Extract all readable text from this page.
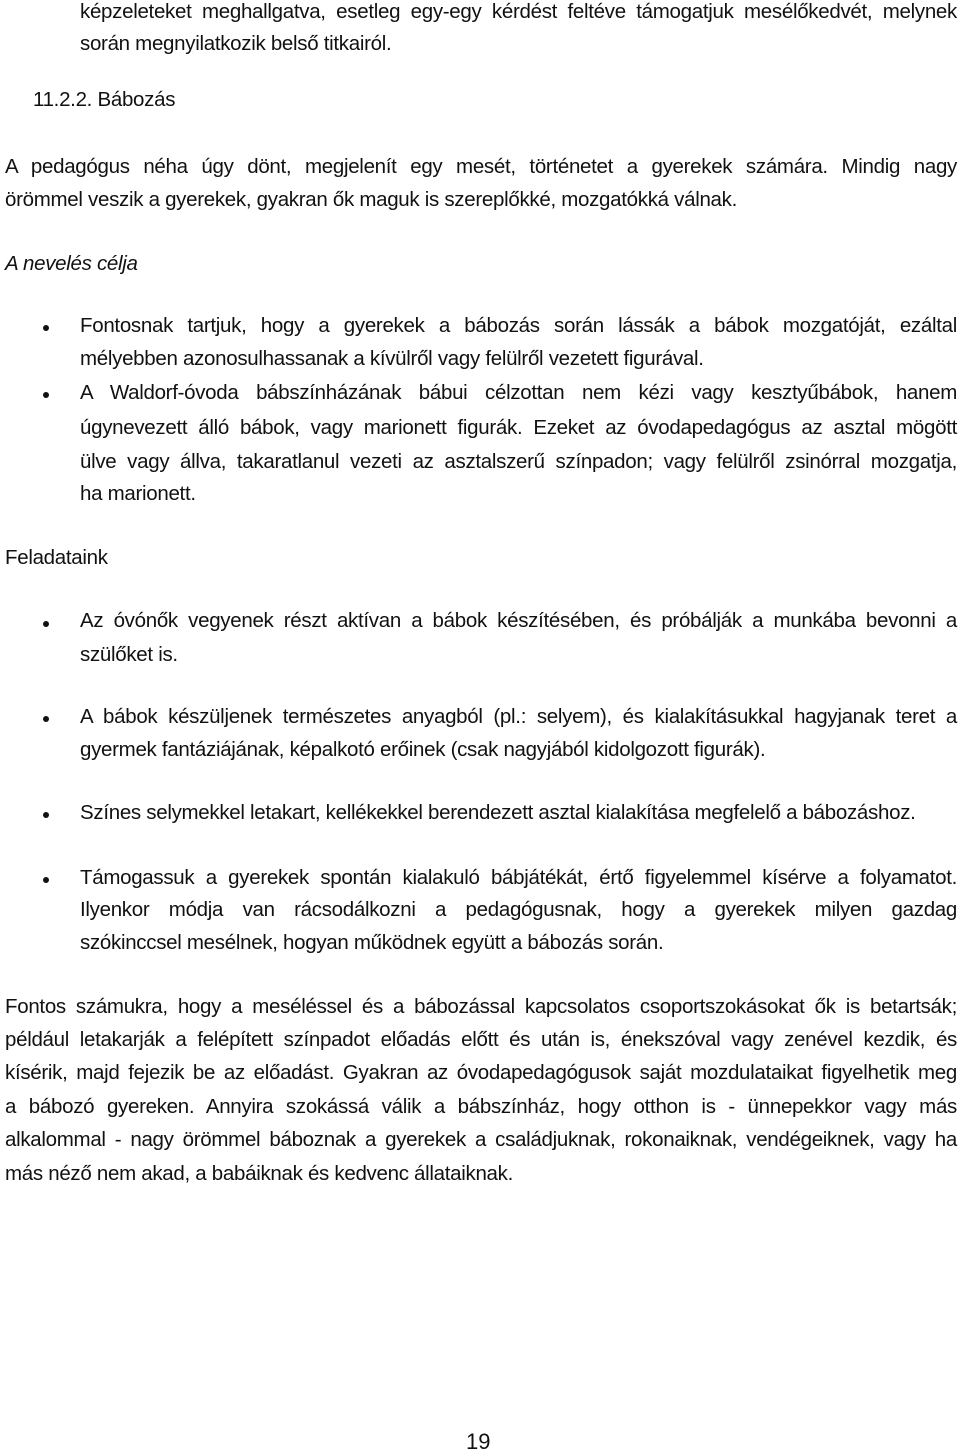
képzeleteket meghallgatva, esetleg egy-egy kérdést feltéve támogatjuk mesélőkedvét, melynek
során megnyilatkozik belső titkairól.
11.2.2. Bábozás
A pedagógus néha úgy dönt, megjelenít egy mesét, történetet a gyerekek számára. Mindig nagy
örömmel veszik a gyerekek, gyakran ők maguk is szereplőkké, mozgatókká válnak.
A nevelés célja
Fontosnak tartjuk, hogy a gyerekek a bábozás során lássák a bábok mozgatóját, ezáltal
mélyebben azonosulhassanak a kívülről vagy felülről vezetett figurával.
A Waldorf-óvoda bábszínházának bábui célzottan nem kézi vagy kesztyűbábok, hanem
úgynevezett álló bábok, vagy marionett figurák. Ezeket az óvodapedagógus az asztal mögött
ülve vagy állva, takaratlanul vezeti az asztalszerű színpadon; vagy felülről zsinórral mozgatja,
ha marionett.
Feladataink
Az óvónők vegyenek részt aktívan a bábok készítésében, és próbálják a munkába bevonni a
szülőket is.
A bábok készüljenek természetes anyagból (pl.: selyem), és kialakításukkal hagyjanak teret a
gyermek fantáziájának, képalkotó erőinek (csak nagyjából kidolgozott figurák).
Színes selymekkel letakart, kellékekkel berendezett asztal kialakítása megfelelő a bábozáshoz.
Támogassuk a gyerekek spontán kialakuló bábjátékát, értő figyelemmel kísérve a folyamatot.
Ilyenkor módja van rácsodálkozni a pedagógusnak, hogy a gyerekek milyen gazdag
szókinccsel mesélnek, hogyan működnek együtt a bábozás során.
Fontos számukra, hogy a meséléssel és a bábozással kapcsolatos csoportszokásokat ők is betartsák;
például letakarják a felépített színpadot előadás előtt és után is, énekszóval vagy zenével kezdik, és
kísérik, majd fejezik be az előadást. Gyakran az óvodapedagógusok saját mozdulataikat figyelhetik meg
a bábozó gyereken. Annyira szokássá válik a bábszínház, hogy otthon is - ünnepekkor vagy más
alkalommal - nagy örömmel báboznak a gyerekek a családjuknak, rokonaiknak, vendégeiknek, vagy ha
más néző nem akad, a babáiknak és kedvenc állataiknak.
19
